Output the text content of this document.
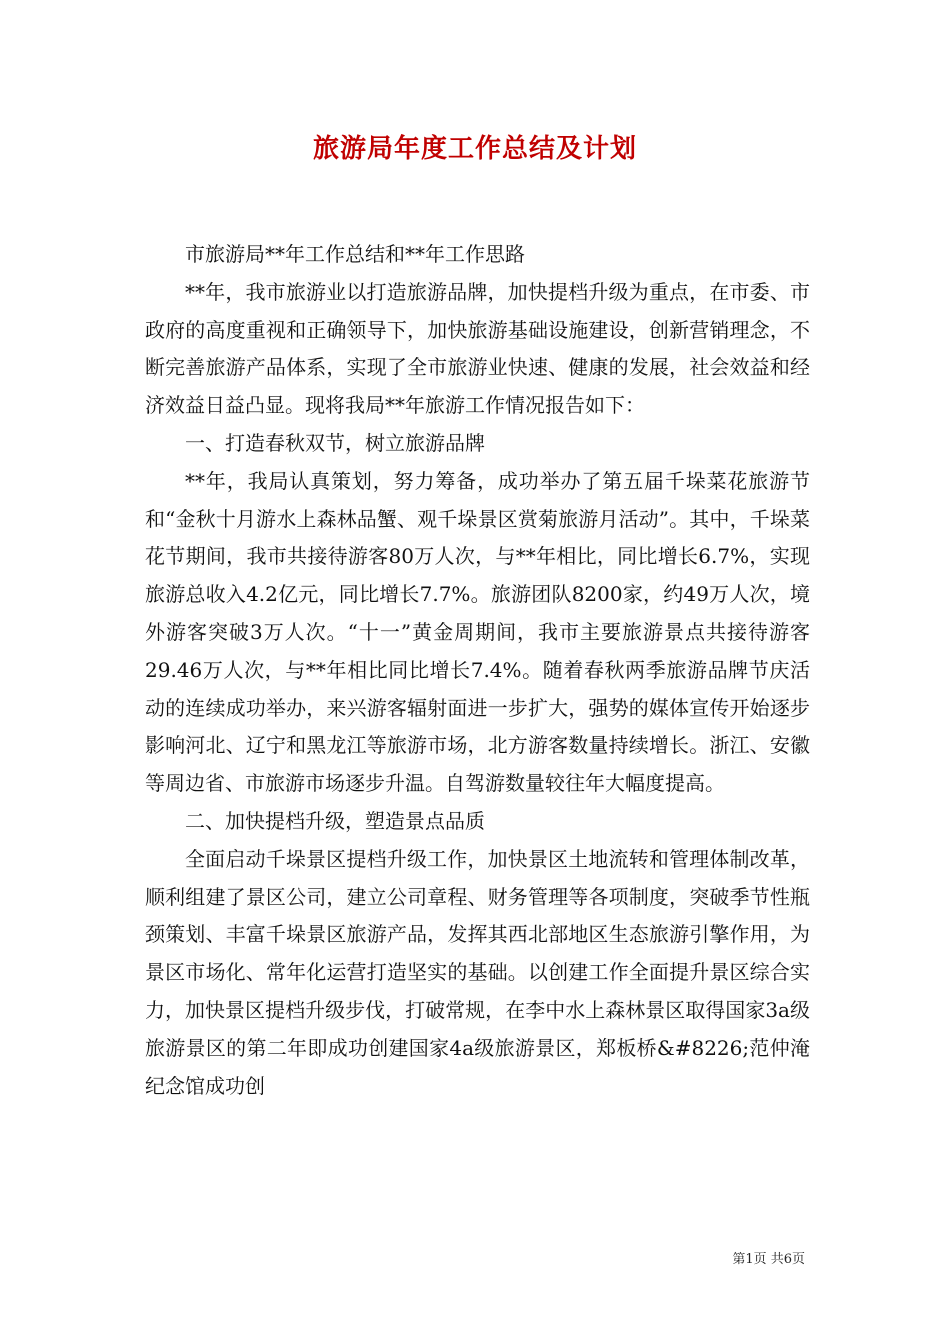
旅游局年度工作总结及计划

市旅游局**年工作总结和**年工作思路

**年，我市旅游业以打造旅游品牌，加快提档升级为重点，在市委、市政府的高度重视和正确领导下，加快旅游基础设施建设，创新营销理念，不断完善旅游产品体系，实现了全市旅游业快速、健康的发展，社会效益和经济效益日益凸显。现将我局**年旅游工作情况报告如下：

一、打造春秋双节，树立旅游品牌

**年，我局认真策划，努力筹备，成功举办了第五届千垛菜花旅游节和“金秋十月游水上森林品蟹、观千垛景区赏菊旅游月活动”。其中，千垛菜花节期间，我市共接待游客80万人次，与**年相比，同比增长6.7%，实现旅游总收入4.2亿元，同比增长7.7%。旅游团队8200家，约49万人次，境外游客突破3万人次。“十一”黄金周期间，我市主要旅游景点共接待游客29.46万人次，与**年相比同比增长7.4%。随着春秋两季旅游品牌节庆活动的连续成功举办，来兴游客辐射面进一步扩大，强势的媒体宣传开始逐步影响河北、辽宁和黑龙江等旅游市场，北方游客数量持续增长。浙江、安徽等周边省、市旅游市场逐步升温。自驾游数量较往年大幅度提高。

二、加快提档升级，塑造景点品质

全面启动千垛景区提档升级工作，加快景区土地流转和管理体制改革，顺利组建了景区公司，建立公司章程、财务管理等各项制度，突破季节性瓶颈策划、丰富千垛景区旅游产品，发挥其西北部地区生态旅游引擎作用，为景区市场化、常年化运营打造坚实的基础。以创建工作全面提升景区综合实力，加快景区提档升级步伐，打破常规，在李中水上森林景区取得国家3a级旅游景区的第二年即成功创建国家4a级旅游景区，郑板桥&#8226;范仲淹纪念馆成功创

第1页 共6页
